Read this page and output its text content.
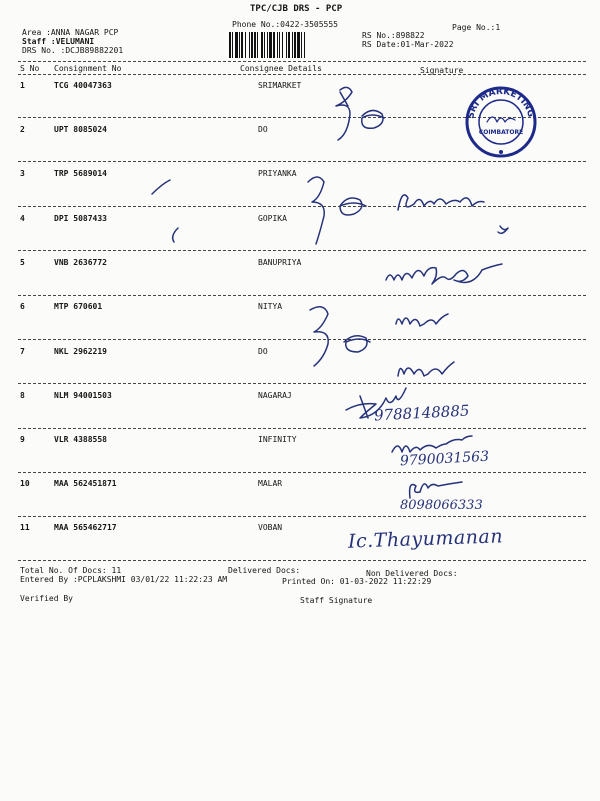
TPC/CJB DRS - PCP
Phone No.:0422-3505555	Page No.:1
Area :ANNA NAGAR PCP
Staff :VELUMANI
DRS No. :DCJB89882201
RS No.:898822
RS Date:01-Mar-2022
S No Consignment No	Consignee Details	Signature
1	TCG 40047363	SRIMARKET
2	UPT 8085024	DO
3	TRP 5689014	PRIYANKA
4	DPI 5087433	GOPIKA
5	VNB 2636772	BANUPRIYA
6	MTP 670601	NITYA
7	NKL 2962219	DO
8	NLM 94001503	NAGARAJ
9	VLR 4388558	INFINITY
10	MAA 562451871	MALAR
11	MAA 565462717	VOBAN
SRI MARKETING
COIMBATORE
9788148885
9790031563
8098066333
Ic.Thayumanan
Total No. Of Docs: 11	Delivered Docs:	Non Delivered Docs:
Entered By :PCPLAKSHMI 03/01/22 11:22:23 AM	Printed On: 01-03-2022 11:22:29
Verified By	Staff Signature
